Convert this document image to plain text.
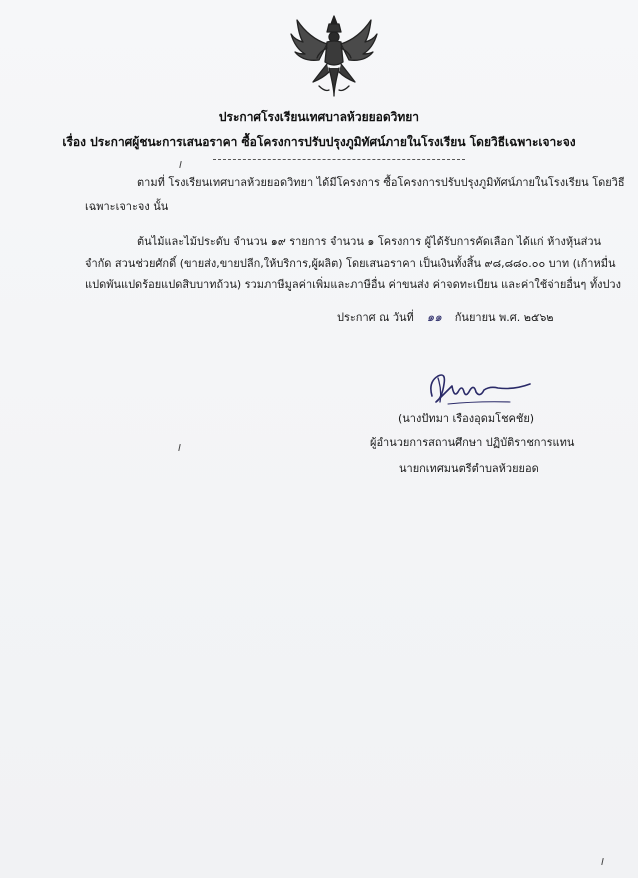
ประกาศโรงเรียนเทศบาลห้วยยอดวิทยา
เรื่อง ประกาศผู้ชนะการเสนอราคา ซื้อโครงการปรับปรุงภูมิทัศน์ภายในโรงเรียน โดยวิธีเฉพาะเจาะจง
ตามที่ โรงเรียนเทศบาลห้วยยอดวิทยา ได้มีโครงการ ซื้อโครงการปรับปรุงภูมิทัศน์ภายในโรงเรียน โดยวิธี
เฉพาะเจาะจง นั้น
ต้นไม้และไม้ประดับ จำนวน ๑๙ รายการ จำนวน ๑ โครงการ ผู้ได้รับการคัดเลือก ได้แก่ ห้างหุ้นส่วน
จำกัด สวนช่วยศักดิ์ (ขายส่ง,ขายปลีก,ให้บริการ,ผู้ผลิต) โดยเสนอราคา เป็นเงินทั้งสิ้น ๙๘,๘๘๐.๐๐ บาท (เก้าหมื่น
แปดพันแปดร้อยแปดสิบบาทถ้วน) รวมภาษีมูลค่าเพิ่มและภาษีอื่น ค่าขนส่ง ค่าจดทะเบียน และค่าใช้จ่ายอื่นๆ ทั้งปวง
ประกาศ ณ วันที่ ๑๑ กันยายน พ.ศ. ๒๕๖๒
(นางปัทมา เรืองอุดมโชคชัย)
ผู้อำนวยการสถานศึกษา ปฏิบัติราชการแทน
นายกเทศมนตรีตำบลห้วยยอด
